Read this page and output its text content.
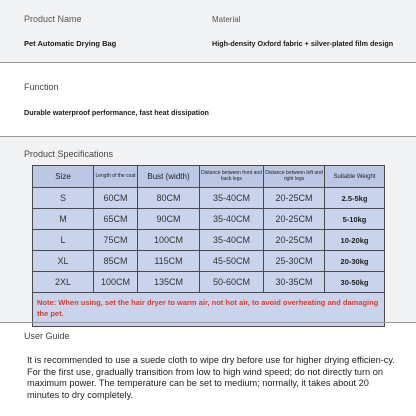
Product Name
Pet Automatic Drying Bag
Material
High-density Oxford fabric + silver-plated film design
Function
Durable waterproof performance, fast heat dissipation
Product Specifications
Size	Length of the coat	Bust (width)	Distance between front and back legs	Distance between left and right legs	Suitable Weight
S	60CM	80CM	35-40CM	20-25CM	2.5-5kg
M	65CM	90CM	35-40CM	20-25CM	5-10kg
L	75CM	100CM	35-40CM	20-25CM	10-20kg
XL	85CM	115CM	45-50CM	25-30CM	20-30kg
2XL	100CM	135CM	50-60CM	30-35CM	30-50kg
Note: When using, set the hair dryer to warm air, not hot air, to avoid overheating and damaging the pet.					
User Guide
It is recommended to use a suede cloth to wipe dry before use for higher drying efficien-cy. For the first use, gradually transition from low to high wind speed; do not directly turn on maximum power. The temperature can be set to medium; normally, it takes about 20 minutes to dry completely.
